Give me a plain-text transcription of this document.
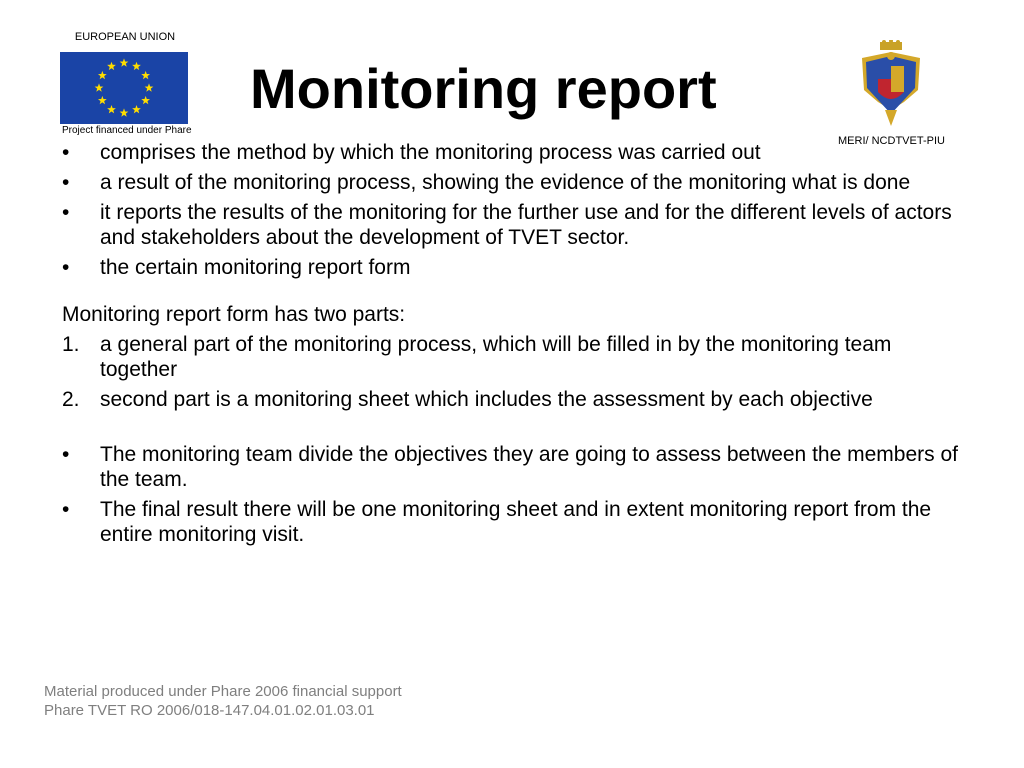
EUROPEAN UNION
Project financed under Phare
Monitoring report
MERI/ NCDTVET-PIU
•	comprises the method by which the monitoring process was carried out
•	a result of the monitoring process, showing the evidence of the monitoring what is done
•	it reports the results of the monitoring for the further use and for the different levels of actors and stakeholders about the development of TVET sector.
•	the certain monitoring report form
Monitoring report form has two parts:
1. a general part of the monitoring process, which will be filled in by the monitoring team together
2. second part is a monitoring sheet which includes the assessment by each objective
•	The monitoring team divide the objectives they are going to assess between the members of the team.
•	The final result there will be one monitoring sheet and in extent monitoring report from the entire monitoring visit.
Material produced under Phare 2006 financial support
Phare TVET RO 2006/018-147.04.01.02.01.03.01
